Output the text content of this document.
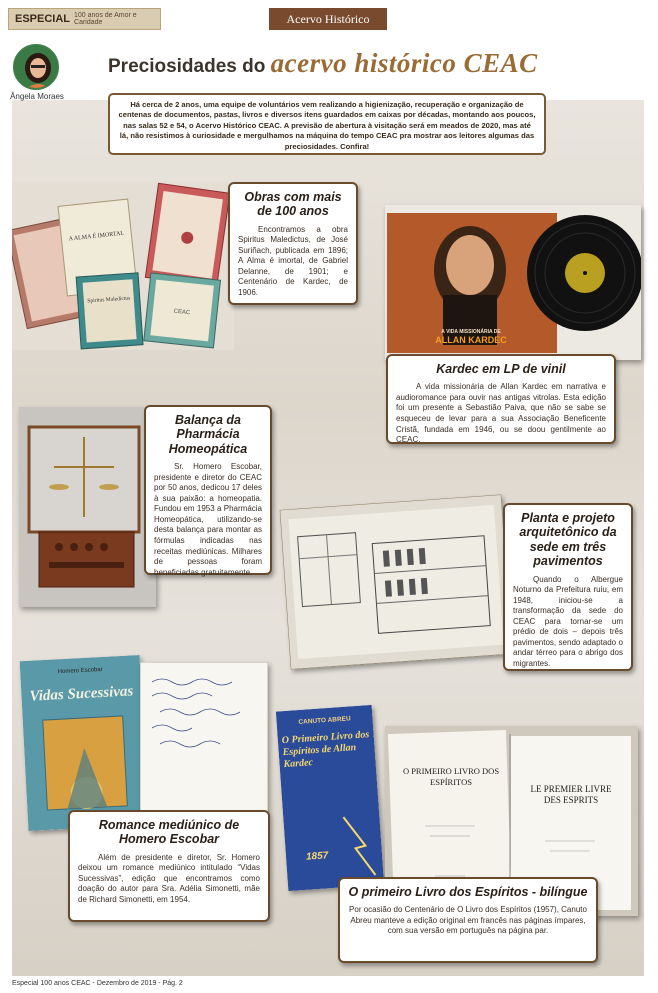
ESPECIAL 100 anos de Amor e Caridade	Acervo Histórico
Ângela Moraes
Preciosidades do acervo histórico CEAC
Há cerca de 2 anos, uma equipe de voluntários vem realizando a higienização, recuperação e organização de centenas de documentos, pastas, livros e diversos itens guardados em caixas por décadas, montando aos poucos, nas salas 52 e 54, o Acervo Histórico CEAC. A previsão de abertura à visitação será em meados de 2020, mas até lá, não resistimos à curiosidade e mergulhamos na máquina do tempo CEAC pra mostrar aos leitores algumas das preciosidades. Confira!
A ALMA É IMORTAL
Spiritus Maledictus
CEAC
Obras com mais de 100 anos

Encontramos a obra Spiritus Maledictus, de José Suriñach, publicada em 1896; A Alma é imortal, de Gabriel Delanne, de 1901; e Centenário de Kardec, de 1906.

A VIDA MISSIONÁRIA DE
ALLAN KARDEC
Kardec em LP de vinil

A vida missionária de Allan Kardec em narrativa e audioromance para ouvir nas antigas vitrolas. Esta edição foi um presente a Sebastião Paiva, que não se sabe se esqueceu de levar para a sua Associação Beneficente Cristã, fundada em 1946, ou se doou gentilmente ao CEAC.

Balança da Pharmácia Homeopática

Sr. Homero Escobar, presidente e diretor do CEAC por 50 anos, dedicou 17 deles à sua paixão: a homeopatia. Fundou em 1953 a Pharmácia Homeopática, utilizando-se desta balança para montar as fórmulas indicadas nas receitas mediúnicas. Milhares de pessoas foram beneficiadas gratuitamente.

Planta e projeto arquitetônico da sede em três pavimentos

Quando o Albergue Noturno da Prefeitura ruiu, em 1948, iniciou-se a transformação da sede do CEAC para tornar-se um prédio de dois – depois três pavimentos, sendo adaptado o andar térreo para o abrigo dos migrantes.

Homero Escobar
Vidas Sucessivas
Romance mediúnico de Homero Escobar

Além de presidente e diretor, Sr. Homero deixou um romance mediúnico intitulado “Vidas Sucessivas”, edição que encontramos como doação do autor para Sra. Adélia Simonetti, mãe de Richard Simonetti, em 1954.

CANUTO ABREU
O Primeiro Livro dos Espíritos de Allan Kardec
1857
O PRIMEIRO LIVRO DOS ESPÍRITOS
LE PREMIER LIVRE DES ESPRITS
O primeiro Livro dos Espíritos - bilíngue

Por ocasião do Centenário de O Livro dos Espíritos (1957), Canuto Abreu manteve a edição original em francês nas páginas ímpares, com sua versão em português na página par.

Especial 100 anos CEAC - Dezembro de 2019 - Pág. 2
